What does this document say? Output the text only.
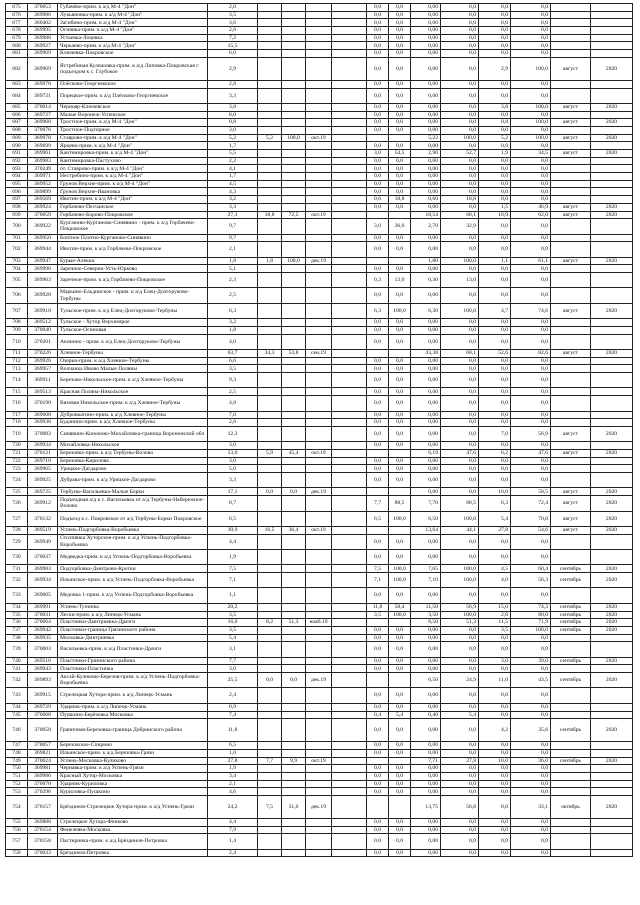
675	370053	Губачёво-прим. к а/д М-4 "Дон"	2,0					0,0	0,0	0,00	0,0	0,0	0,0		
676	369986	Лукьяновка-прим. к а/д М-4 "Дон"	3,5					0,0	0,0	0,00	0,0	0,0	0,0		
677	366402	Загибино-прим. к а/д М-4 "Дон"	3,6					0,0	0,0	0,00	0,0	0,0	0,0		
678	369995	Огнянка-прим. к а/д М-4 "Дон"	2,6					0,0	0,0	0,00	0,0	0,0	0,0		
679	369988	Устьевка-Лоцевка	7,2					0,0	0,0	0,00	0,0	0,0	0,0		
680	369927	Черкаево-прим. к а/д М-4 "Дон"	15,5					0,0	0,0	0,00	0,0	0,0	0,0		
681	369969	Ключевка-Покровское	6,0					0,0	0,0	0,00	0,0	0,0	0,0		
682	369969	Ястребиная Кулешовка-прим. к а/д Липовка-Покровская с подъездом к с. Глубокое	2,9					0,0	0,0	0,00	0,0	2,9	100,0	август	2020
683	369978	Плёсково-Георгиевское	2,8					0,0	0,0	0,00	0,0	0,0	0,0		
684	369721	Порецкое-прим. к а/д Плёсково-Георгиевское	3,3					0,0	0,0	0,00	0,0	0,0	0,0		
685	370014	Чернояр-Ключевское	3,8					0,0	0,0	0,00	0,0	3,8	100,0	август	2020
686	369727	Малые Воронеж-Успенское	8,0					0,0	0,0	0,00	0,0	0,0	0,0		
687	369968	Тростное-прим. к а/д М-4 "Дон"	0,8					0,0	0,0	0,00	0,0	0,8	100,0	август	2020
688	370076	Тростное-Подгорное	3,0					0,0	0,0	0,00	0,0	0,0	0,0		
689	369978	Ставрово-прим. к а/д М-4 "Дон"	5,2	5,2	100,0	окт.19				5,22	100,0	5,2	100,0	август	2020
690	369699	Ярцево-прим. к а/д М-4 "Дон"	1,7					0,0	0,0	0,00	0,0	0,0	0,0		
691	369961	Кантемировка-прим. к а/д М-4 "Дон"	5,5					3,0	54,5	2,90	52,7	1,9	34,5	август	2020
692	369983	Кантемировка-Пастухово	2,2					0,0	0,0	0,00	0,0	0,0	0,0		
693	370249	от. Ставрово-прим. к а/д М-4 "Дон"	4,1					0,0	0,0	0,00	0,0	0,0	0,0		
694	369971	Нестребино-прим. к а/д М-4 "Дон"	1,7					0,0	0,0	0,00	0,0	0,0	0,0		
695	369952	Грунов Верхне-прим. к а/д М-4 "Дон"	4,5					0,0	0,0	0,00	0,0	0,0	0,0		
696	369899	Грунов Верхне-Ивановка	4,3					0,0	0,0	0,00	0,0	0,0	0,0		
697	369569	Ивотин-прим. к а/д М-4 "Дон"	3,2					0,6	18,8	0,60	18,8	0,0	0,0		
698	369924	Горбачево-Песчанское	3,3					0,0	0,0	0,00	0,0	1,5	46,9	август	2020
699	370059	Горбачево-Борово-Покровское	27,3	18,8	72,5	окт.19				18,54	68,1	16,9	62,0	август	2020
700	369922	Курганово-Курганово-Синявино - прим. к а/д Горбачево-Покровское	9,7					3,0	36,6	2,70	32,9	0,0	0,0		
701	369950	Бочтное Плотно-Курганово-Синявино	9,7					0,0	0,0	0,00	0,0	0,0	0,0		
702	369944	Ивотин-прим. к а/д Горбачево-Покровское	2,1					0,0	0,0	0,00	0,0	0,0	0,0		
703	369947	Бурые-Алекки	1,8	1,8	100,0	дек.19				1,80	100,0	1,1	61,1	август	2020
704	369996	Заречное-Северно-Усть-Юрково	5,1					0,0	0,0	0,00	0,0	0,0	0,0		
705	369963	Заречное-прим. к а/д Горбачево-Покровское	2,3					0,3	13,0	0,30	13,0	0,0	0,0		
706	369928	Марьино-Ельдинское - прим. к а/д Елец-Долгоруково-Тербуны	2,5					0,0	0,0	0,00	0,0	0,0	0,0		
707	369910	Тульское-прим. к а/д Елец-Долгоруково-Тербуны	6,3					6,3	100,0	6,30	100,0	4,7	74,6	август	2020
708	369512	Тульское - Хутор Верхнеярое	3,2					0,0	0,0	0,00	0,0	0,0	0,0		
709	370040	Тульское-Осиновая	1,8					0,0	0,0	0,00	0,0	0,0	0,0		
710	370201	Акинино - прим. к а/д Елец-Долгоруково-Тербуны	4,0					0,0	0,0	0,00	0,0	0,0	0,0		
711	370226	Хлевное-Тербуны	63,7	34,3	53,8	сен.19				43,38	68,1	52,6	82,6	август	2020
712	369926	Озерки-прим. к а/д Хлевное-Тербуны	6,6					0,0	0,0	0,00	0,0	0,0	0,0		
713	369957	Волчанка Ивово Малые Поляны	3,5					0,0	0,0	0,00	0,0	0,0	0,0		
714	369911	Березово-Никольское-прим. к а/д Хлевное-Тербуны	9,3					0,0	0,0	0,00	0,0	0,0	0,0		
715	369513	Красная Поляна-Никольское	2,5					0,0	0,0	0,00	0,0	0,0	0,0		
716	370190	Вязовая Никольское-прим. к а/д Хлевное-Тербуны	4,8					0,0	0,0	0,00	0,0	0,0	0,0		
717	369608	Дубровкатино-прим. к а/д Хлевное-Тербуны	7,0					0,0	0,0	0,00	0,0	0,0	0,0		
718	369938	Буданино-прим. к а/д Хлевное-Тербуны	2,6					0,0	0,0	0,00	0,0	0,0	0,0		
719	370083	Синявино-Кононово-Михайловка-граница Воронежской обл	12,3					0,0	0,0	0,00	0,0	7,0	56,9	август	2020
720	369934	Михайловка-Никольское	3,0					0,0	0,0	0,00	0,0	0,0	0,0		
721	370121	Березовка-прим. к а/д Тербуны-Волово	13,0	5,9	45,4	окт.19				6,19	47,6	6,2	47,6	август	2020
722	369710	Березовка-Кирилова	3,0					0,0	0,0	0,00	0,0	0,0	0,0		
723	369965	Урицкое-Дагдарово	5,0					0,0	0,0	0,00	0,0	0,0	0,0		
724	369925	Дубрава-прим. к а/д Урицкое-Дагдарово	3,3					0,0	0,0	0,00	0,0	0,0	0,0		
725	369725	Тербуны-Васильевка-Малые Борки	17,1	0,0	0,0	дек.19				0,00	0,0	10,0	58,5	август	2020
726	369912	Подъездная а/д к с. Васильевка от а/д Тербуны-Набережное-Волово	8,7					7,7	88,5	7,70	88,5	6,3	72,4	август	2020
727	370132	Подъезд к с. Покровское от а/д Тербуны-Борки Покровское	6,5					6,5	100,0	6,50	100,0	5,4	70,0	август	2020
728	369519	Успень-Подгорбовка-Воробьевка	30,9	16,5	36,4	окт.19				13,64	44,1	27,8	54,6	август	2020
729	369949	Столпянка Хуторское-прим. к а/д Успень-Подгорбовка-Воробьевка	4,4					0,0	0,0	0,00	0,0	0,0	0,0		
730	370037	Медведка-прим. к а/д Успень-Подгорбовка-Воробьевка	1,9					0,0	0,0	0,00	0,0	0,0	0,0		
731	369983	Подгорбовка-Дмитрово-Кротки	7,5					7,5	100,0	7,65	100,0	4,5	60,4	сентябрь	2020
732	369934	Ильинское-прим. к а/д Успень-Подгорбовка-Воробьевка	7,1					7,1	100,0	7,10	100,0	4,0	56,3	сентябрь	2020
733	369605	Медовка 1-прим. к а/д Успень-Подгорбовка-Воробьевка	1,1					0,0	0,0	0,00	0,0	0,0	0,0		
734	369991	Успень-Тупинка	20,2					11,8	58,4	11,50	56,9	15,0	74,3	сентябрь	2020
735	370031	Лески-прим. к а/д Липецк-Усмань	3,5					3,5	100,0	3,50	100,0	2,8	80,0	сентябрь	2020
736	370064	Пластинки-Дмитриевка-Дрязги	16,0	8,2	51,3	нояб.19				8,50	51,3	11,5	71,9	сентябрь	2020
737	369942	Пластинки-граница Грязинского района	3,5					0,0	0,0	0,00	0,0	3,5	100,0	сентябрь	2020
738	369935	Московка-Дмитриевка	5,4					0,0	0,0	0,00	0,0	0,0	0,0		
739	370003	Васильевка-прим. к а/д Пластинки-Дрязги	3,1					0,0	0,0	0,00	0,0	0,0	0,0		
740	369516	Пластинки-Грязинского района	7,7					0,0	0,0	0,00	0,0	3,0	39,0	сентябрь	2020
741	369943	Пластинки-Пластинка	3,0					0,0	0,0	0,00	0,0	0,0	0,0		
742	369893	Аксай-Куликово-Березов-прим. к а/д Успень-Подгорбовка-Воробьевка	25,5	0,0	0,0	дек.19				6,50	24,9	11,0	43,5	сентябрь	2020
743	369915	Стрелецкая Хутора-прим. к а/д Липецк-Усмань	2,4					0,0	0,0	0,00	0,0	0,0	0,0		
744	369729	Ударник-прим. к а/д Липецк-Усмань	0,9					0,0	0,0	0,00	0,0	0,0	0,0		
745	370068	Пушкино-Берёзовка Московка	7,4					0,4	5,4	0,40	5,4	0,0	0,0		
746	370058	Граничная-Березовка-граница Добринского района	11,8					0,0	0,0	0,00	0,0	4,2	35,6	сентябрь	2020
747	370057	Березовское-Спирино	6,5					0,0	0,0	0,00	0,0	0,0	0,0		
748	369821	Ильинское-прим. к а/д Березовка-Грязи	1,0					0,0	0,0	0,00	0,0	0,0	0,0		
749	370024	Успень-Московка-Куликово	27,8	7,7	9,9	окт.19				7,71	27,8	10,0	36,0	сентябрь	2020
750	369981	Чернавка-прим. к а/д Успень-Грязи	1,9					0,0	0,0	0,00	0,0	0,0	0,0		
751	369986	Красный Хутор-Московка	3,4					0,0	0,0	0,00	0,0	0,0	0,0		
752	370070	Ударник-Куриловка	2,1					0,0	0,0	0,00	0,0	0,0	0,0		
753	370296	Куриловка-Пушкино	4,6					0,0	0,0	0,00	0,0	0,0	0,0		
754	370157	Брёздинов-Стрелецкое Хутора-прим. к а/д Успень-Грязи	24,2	7,5	31,0	дек.19				13,75	56,8	8,0	33,1	октябрь	2020
755	369888	Стрелецкое Хутора-Фенково	4,4					0,0	0,0	0,00	0,0	0,0	0,0		
756	370154	Фенелевка-Московка	7,9					0,0	0,0	0,00	0,0	0,0	0,0		
757	370158	Пастиринка-прим. к а/д Брёздинов-Петровка	1,4					0,0	0,0	0,00	0,0	0,0	0,0		
758	370033	Брёздинов-Петровка	2,4					0,0	0,0	0,00	0,0	0,0	0,0		
